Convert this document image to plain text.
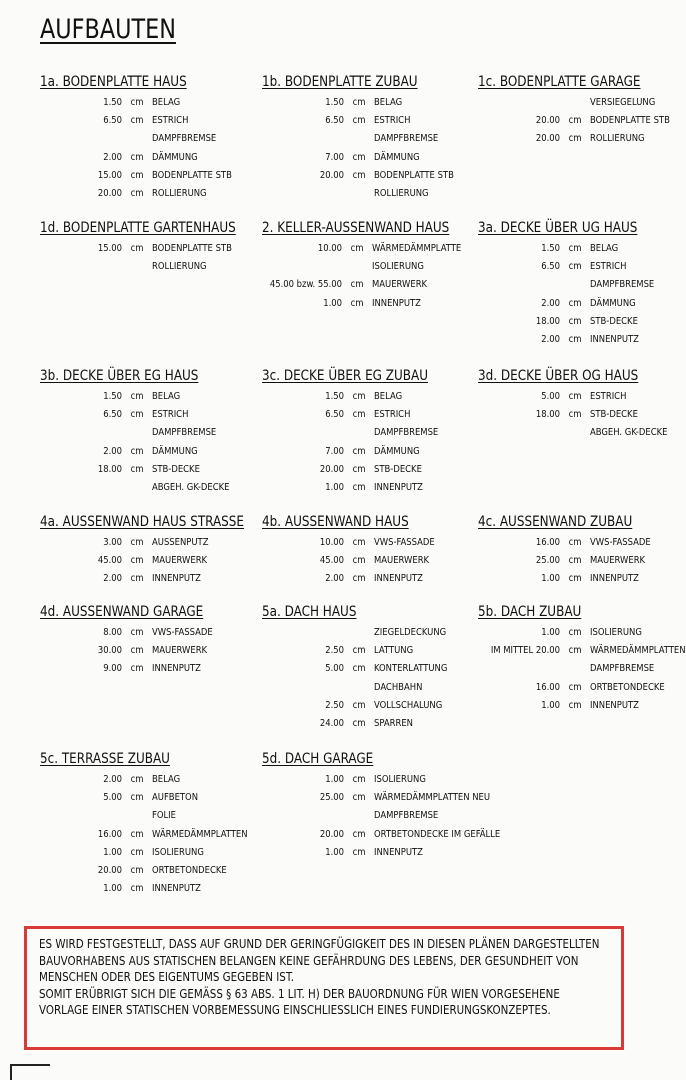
AUFBAUTEN
1a. BODENPLATTE HAUS
1.50 cm BELAG
6.50 cm ESTRICH
DAMPFBREMSE
2.00 cm DÄMMUNG
15.00 cm BODENPLATTE STB
20.00 cm ROLLIERUNG
1b. BODENPLATTE ZUBAU
1.50 cm BELAG
6.50 cm ESTRICH
DAMPFBREMSE
7.00 cm DÄMMUNG
20.00 cm BODENPLATTE STB
ROLLIERUNG
1c. BODENPLATTE GARAGE
VERSIEGELUNG
20.00 cm BODENPLATTE STB
20.00 cm ROLLIERUNG
1d. BODENPLATTE GARTENHAUS
15.00 cm BODENPLATTE STB
ROLLIERUNG
2. KELLER-AUSSENWAND HAUS
10.00 cm WÄRMEDÄMMPLATTE
ISOLIERUNG
45.00 bzw. 55.00 cm MAUERWERK
1.00 cm INNENPUTZ
3a. DECKE ÜBER UG HAUS
1.50 cm BELAG
6.50 cm ESTRICH
DAMPFBREMSE
2.00 cm DÄMMUNG
18.00 cm STB-DECKE
2.00 cm INNENPUTZ
3b. DECKE ÜBER EG HAUS
1.50 cm BELAG
6.50 cm ESTRICH
DAMPFBREMSE
2.00 cm DÄMMUNG
18.00 cm STB-DECKE
ABGEH. GK-DECKE
3c. DECKE ÜBER EG ZUBAU
1.50 cm BELAG
6.50 cm ESTRICH
DAMPFBREMSE
7.00 cm DÄMMUNG
20.00 cm STB-DECKE
1.00 cm INNENPUTZ
3d. DECKE ÜBER OG HAUS
5.00 cm ESTRICH
18.00 cm STB-DECKE
ABGEH. GK-DECKE
4a. AUSSENWAND HAUS STRASSE
3.00 cm AUSSENPUTZ
45.00 cm MAUERWERK
2.00 cm INNENPUTZ
4b. AUSSENWAND HAUS
10.00 cm VWS-FASSADE
45.00 cm MAUERWERK
2.00 cm INNENPUTZ
4c. AUSSENWAND ZUBAU
16.00 cm VWS-FASSADE
25.00 cm MAUERWERK
1.00 cm INNENPUTZ
4d. AUSSENWAND GARAGE
8.00 cm VWS-FASSADE
30.00 cm MAUERWERK
9.00 cm INNENPUTZ
5a. DACH HAUS
ZIEGELDECKUNG
2.50 cm LATTUNG
5.00 cm KONTERLATTUNG
DACHBAHN
2.50 cm VOLLSCHALUNG
24.00 cm SPARREN
5b. DACH ZUBAU
1.00 cm ISOLIERUNG
IM MITTEL 20.00 cm WÄRMEDÄMMPLATTEN
DAMPFBREMSE
16.00 cm ORTBETONDECKE
1.00 cm INNENPUTZ
5c. TERRASSE ZUBAU
2.00 cm BELAG
5.00 cm AUFBETON
FOLIE
16.00 cm WÄRMEDÄMMPLATTEN
1.00 cm ISOLIERUNG
20.00 cm ORTBETONDECKE
1.00 cm INNENPUTZ
5d. DACH GARAGE
1.00 cm ISOLIERUNG
25.00 cm WÄRMEDÄMMPLATTEN NEU
DAMPFBREMSE
20.00 cm ORTBETONDECKE IM GEFÄLLE
1.00 cm INNENPUTZ
ES WIRD FESTGESTELLT, DASS AUF GRUND DER GERINGFÜGIGKEIT DES IN DIESEN PLÄNEN DARGESTELLTEN
BAUVORHABENS AUS STATISCHEN BELANGEN KEINE GEFÄHRDUNG DES LEBENS, DER GESUNDHEIT VON
MENSCHEN ODER DES EIGENTUMS GEGEBEN IST.
SOMIT ERÜBRIGT SICH DIE GEMÄSS § 63 ABS. 1 LIT. H) DER BAUORDNUNG FÜR WIEN VORGESEHENE
VORLAGE EINER STATISCHEN VORBEMESSUNG EINSCHLIESSLICH EINES FUNDIERUNGSKONZEPTES.
